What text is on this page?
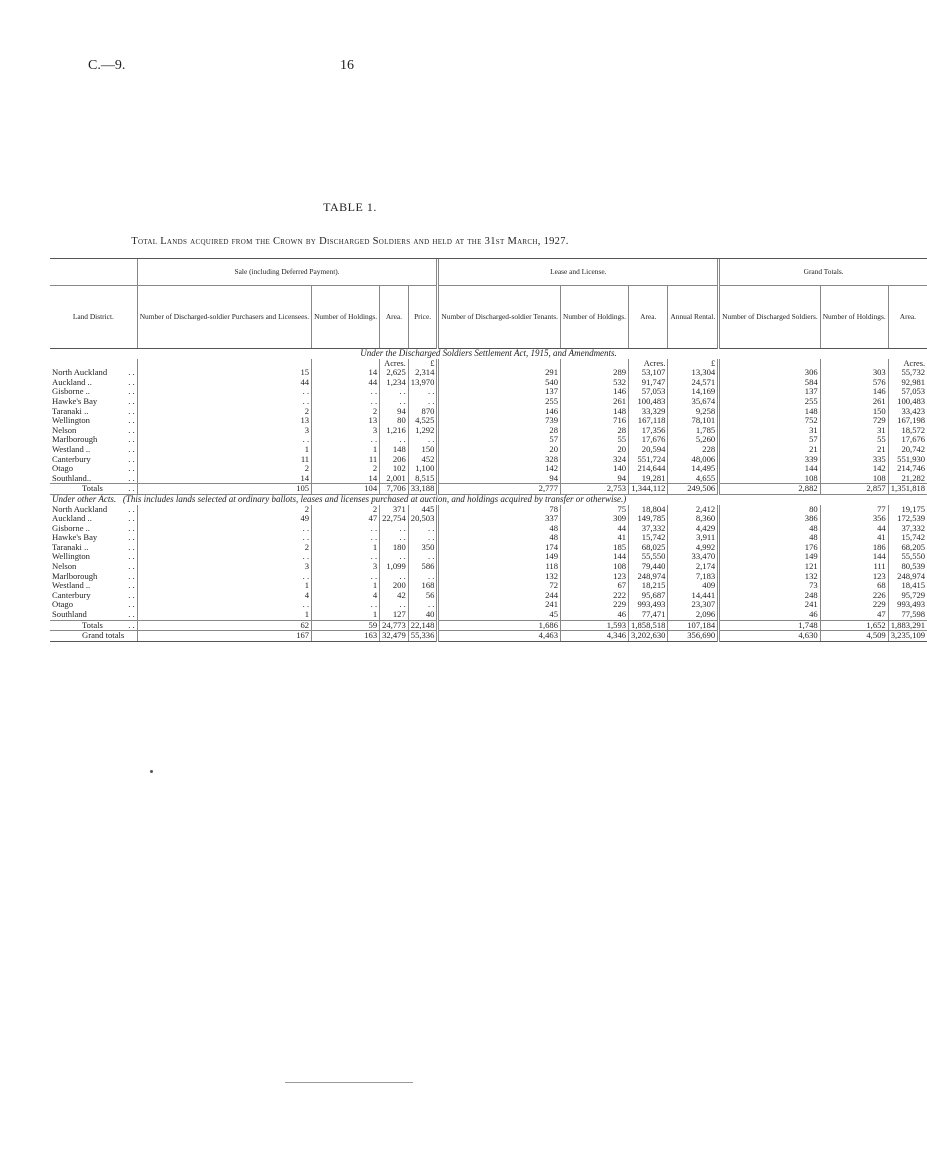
C.—9.	16
TABLE 1.
Total Lands acquired from the Crown by Discharged Soldiers and held at the 31st March, 1927.

		Sale (including Deferred Payment).				Lease and License.				Grand Totals.		
Land District.		Number of Discharged-soldier Purchasers and Licensees.	Number of Holdings.	Area.	Price.	Number of Discharged-soldier Tenants.	Number of Holdings.	Area.	Annual Rental.	Number of Discharged Soldiers.	Number of Holdings.	Area.
Under the Discharged Soldiers Settlement Act, 1915, and Amendments.												
				Acres.	£			Acres.	£			Acres.
North Auckland	. .	15	14	2,625	2,314	291	289	53,107	13,304	306	303	55,732
Auckland ..	. .	44	44	1,234	13,970	540	532	91,747	24,571	584	576	92,981
Gisborne ..	. .	. .	. .	. .	. .	137	146	57,053	14,169	137	146	57,053
Hawke's Bay	. .	. .	. .	. .	. .	255	261	100,483	35,674	255	261	100,483
Taranaki ..	. .	2	2	94	870	146	148	33,329	9,258	148	150	33,423
Wellington	. .	13	13	80	4,525	739	716	167,118	78,101	752	729	167,198
Nelson	. .	3	3	1,216	1,292	28	28	17,356	1,785	31	31	18,572
Marlborough	. .	. .	. .	. .	. .	57	55	17,676	5,260	57	55	17,676
Westland ..	. .	1	1	148	150	20	20	20,594	228	21	21	20,742
Canterbury	. .	11	11	206	452	328	324	551,724	48,006	339	335	551,930
Otago	. .	2	2	102	1,100	142	140	214,644	14,495	144	142	214,746
Southland..	. .	14	14	2,001	8,515	94	94	19,281	4,655	108	108	21,282
Totals	. .	105	104	7,706	33,188	2,777	2,753	1,344,112	249,506	2,882	2,857	1,351,818
Under other Acts. (This includes lands selected at ordinary ballots, leases and licenses purchased at auction, and holdings acquired by transfer or otherwise.)												
North Auckland	. .	2	2	371	445	78	75	18,804	2,412	80	77	19,175
Auckland ..	. .	49	47	22,754	20,503	337	309	149,785	8,360	386	356	172,539
Gisborne ..	. .	. .	. .	. .	. .	48	44	37,332	4,429	48	44	37,332
Hawke's Bay	. .	. .	. .	. .	. .	48	41	15,742	3,911	48	41	15,742
Taranaki ..	. .	2	1	180	350	174	185	68,025	4,992	176	186	68,205
Wellington	. .	. .	. .	. .	. .	149	144	55,550	33,470	149	144	55,550
Nelson	. .	3	3	1,099	586	118	108	79,440	2,174	121	111	80,539
Marlborough	. .	. .	. .	. .	. .	132	123	248,974	7,183	132	123	248,974
Westland ..	. .	1	1	200	168	72	67	18,215	409	73	68	18,415
Canterbury	. .	4	4	42	56	244	222	95,687	14,441	248	226	95,729
Otago	. .	. .	. .	. .	. .	241	229	993,493	23,307	241	229	993,493
Southland	. .	1	1	127	40	45	46	77,471	2,096	46	47	77,598
Totals	. .	62	59	24,773	22,148	1,686	1,593	1,858,518	107,184	1,748	1,652	1,883,291
Grand totals		167	163	32,479	55,336	4,463	4,346	3,202,630	356,690	4,630	4,509	3,235,109
